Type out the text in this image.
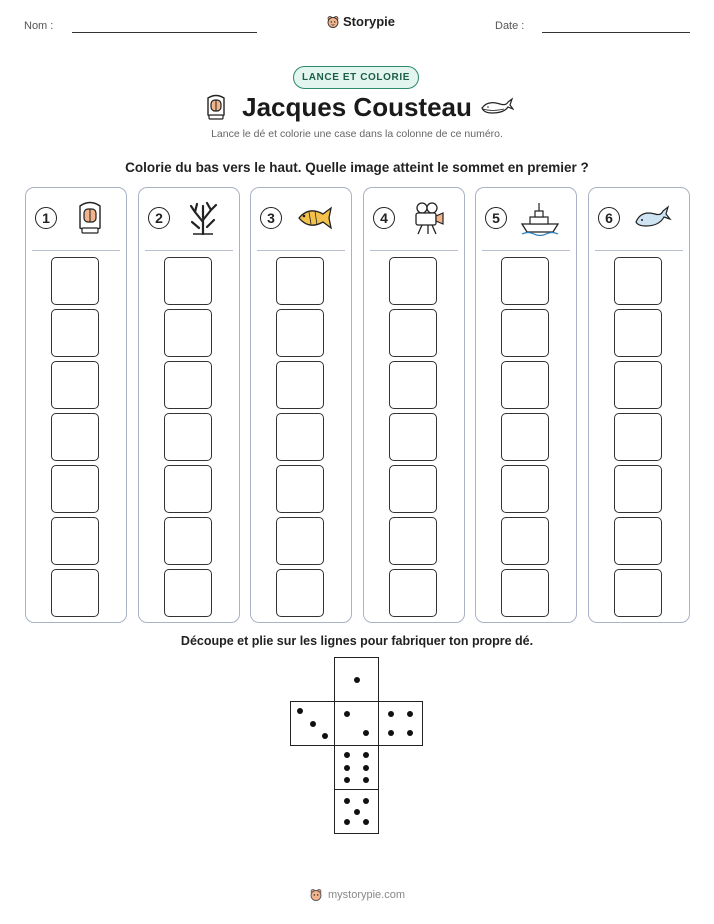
Nom :	Storypie	Date :
LANCE ET COLORIE
Jacques Cousteau
Lance le dé et colorie une case dans la colonne de ce numéro.
Colorie du bas vers le haut. Quelle image atteint le sommet en premier ?
1	2	3	4	5	6
Découpe et plie sur les lignes pour fabriquer ton propre dé.
mystorypie.com
